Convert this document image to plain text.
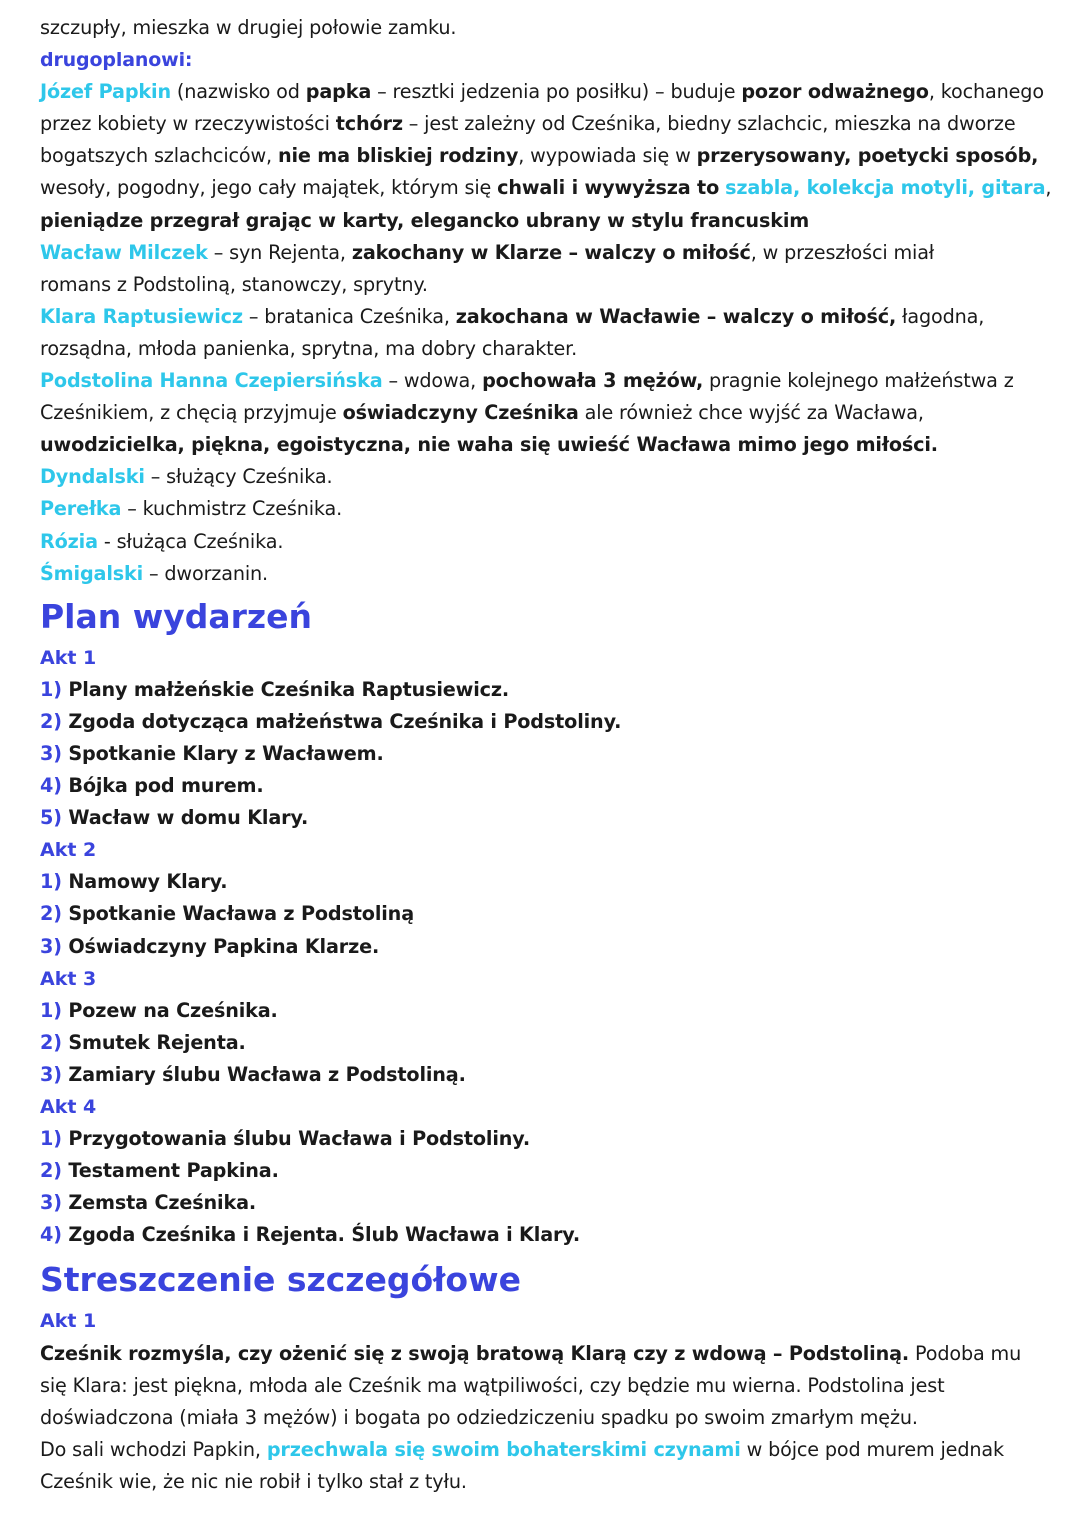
szczupły, mieszka w drugiej połowie zamku.
drugoplanowi:
Józef Papkin (nazwisko od papka – resztki jedzenia po posiłku) – buduje pozor odważnego, kochanego przez kobiety w rzeczywistości tchórz – jest zależny od Cześnika, biedny szlachcic, mieszka na dworze bogatszych szlachciców, nie ma bliskiej rodziny, wypowiada się w przerysowany, poetycki sposób, wesoły, pogodny, jego cały majątek, którym się chwali i wywyższa to szabla, kolekcja motyli, gitara, pieniądze przegrał grając w karty, elegancko ubrany w stylu francuskim
Wacław Milczek – syn Rejenta, zakochany w Klarze – walczy o miłość, w przeszłości miał romans z Podstoliną, stanowczy, sprytny.
Klara Raptusiewicz – bratanica Cześnika, zakochana w Wacławie – walczy o miłość, łagodna, rozsądna, młoda panienka, sprytna, ma dobry charakter.
Podstolina Hanna Czepiersińska – wdowa, pochowała 3 mężów, pragnie kolejnego małżeństwa z Cześnikiem, z chęcią przyjmuje oświadczyny Cześnika ale również chce wyjść za Wacława, uwodzicielka, piękna, egoistyczna, nie waha się uwieść Wacława mimo jego miłości.
Dyndalski – służący Cześnika.
Perełka – kuchmistrz Cześnika.
Rózia - służąca Cześnika.
Śmigalski – dworzanin.
Plan wydarzeń
Akt 1
1) Plany małżeńskie Cześnika Raptusiewicz.
2) Zgoda dotycząca małżeństwa Cześnika i Podstoliny.
3) Spotkanie Klary z Wacławem.
4) Bójka pod murem.
5) Wacław w domu Klary.
Akt 2
1) Namowy Klary.
2) Spotkanie Wacława z Podstoliną
3) Oświadczyny Papkina Klarze.
Akt 3
1) Pozew na Cześnika.
2) Smutek Rejenta.
3) Zamiary ślubu Wacława z Podstoliną.
Akt 4
1) Przygotowania ślubu Wacława i Podstoliny.
2) Testament Papkina.
3) Zemsta Cześnika.
4) Zgoda Cześnika i Rejenta. Ślub Wacława i Klary.
Streszczenie szczegółowe
Akt 1
Cześnik rozmyśla, czy ożenić się z swoją bratową Klarą czy z wdową – Podstoliną. Podoba mu się Klara: jest piękna, młoda ale Cześnik ma wątpiliwości, czy będzie mu wierna. Podstolina jest doświadczona (miała 3 mężów) i bogata po odziedziczeniu spadku po swoim zmarłym mężu.
Do sali wchodzi Papkin, przechwala się swoim bohaterskimi czynami w bójce pod murem jednak Cześnik wie, że nic nie robił i tylko stał z tyłu.
